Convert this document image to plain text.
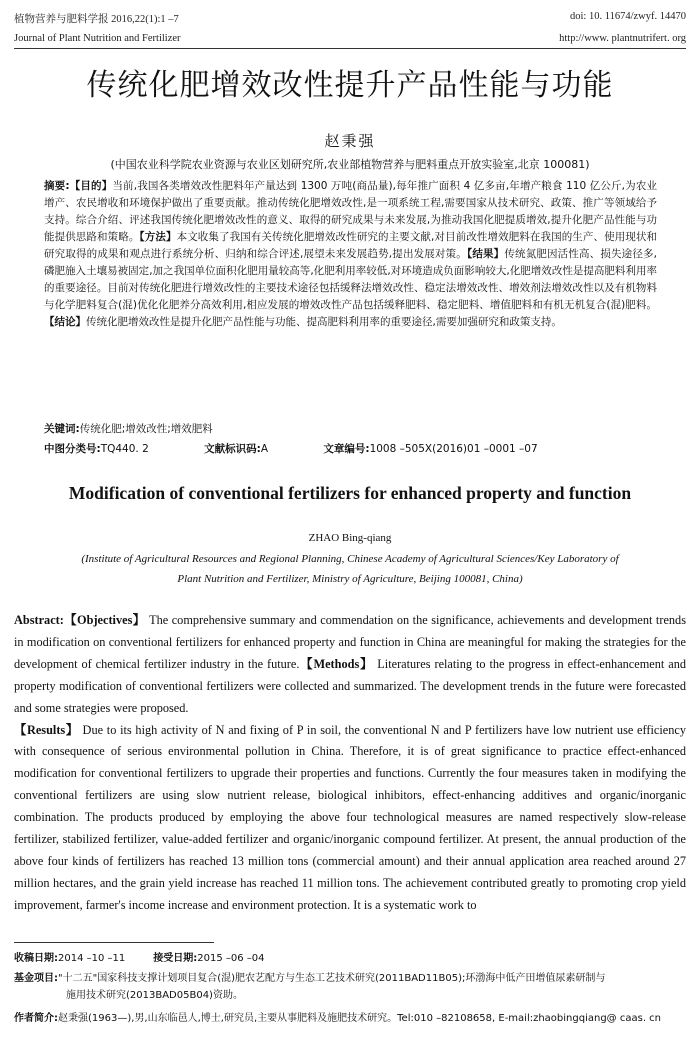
植物营养与肥料学报 2016,22(1):1 –7	doi: 10. 11674/zwyf. 14470
Journal of Plant Nutrition and Fertilizer	http://www. plantnutrifert. org
传统化肥增效改性提升产品性能与功能
赵秉强
(中国农业科学院农业资源与农业区划研究所,农业部植物营养与肥料重点开放实验室,北京 100081)
摘要:【目的】当前,我国各类增效改性肥料年产量达到 1300 万吨(商品量),每年推广面积 4 亿多亩,年增产粮食 110 亿公斤,为农业增产、农民增收和环境保护做出了重要贡献。推动传统化肥增效改性,是一项系统工程,需要国家从技术研究、政策、推广等领域给予支持。综合介绍、评述我国传统化肥增效改性的意义、取得的研究成果与未来发展,为推动我国化肥提质增效,提升化肥产品性能与功能提供思路和策略。【方法】本文收集了我国有关传统化肥增效改性研究的主要文献,对目前改性增效肥料在我国的生产、使用现状和研究取得的成果和观点进行系统分析、归纳和综合评述,展望未来发展趋势,提出发展对策。【结果】传统氮肥因活性高、损失途径多,磷肥施入土壤易被固定,加之我国单位面积化肥用量较高等,化肥利用率较低,对环境造成负面影响较大,化肥增效改性是提高肥料利用率的重要途径。目前对传统化肥进行增效改性的主要技术途径包括缓释法增效改性、稳定法增效改性、增效剂法增效改性以及有机物料与化学肥料复合(混)优化化肥养分高效利用,相应发展的增效改性产品包括缓释肥料、稳定肥料、增值肥料和有机无机复合(混)肥料。【结论】传统化肥增效改性是提升化肥产品性能与功能、提高肥料利用率的重要途径,需要加强研究和政策支持。
关键词:传统化肥;增效改性;增效肥料
中图分类号:TQ440. 2	文献标识码:A	文章编号:1008 –505X(2016)01 –0001 –07
Modification of conventional fertilizers for enhanced property and function
ZHAO Bing-qiang
(Institute of Agricultural Resources and Regional Planning, Chinese Academy of Agricultural Sciences/Key Laboratory of
Plant Nutrition and Fertilizer, Ministry of Agriculture, Beijing 100081, China)
Abstract:【Objectives】 The comprehensive summary and commendation on the significance, achievements and development trends in modification on conventional fertilizers for enhanced property and function in China are meaningful for making the strategies for the development of chemical fertilizer industry in the future.【Methods】 Literatures relating to the progress in effect-enhancement and property modification of conventional fertilizers were collected and summarized. The development trends in the future were forecasted and some strategies were proposed.
【Results】 Due to its high activity of N and fixing of P in soil, the conventional N and P fertilizers have low nutrient use efficiency with consequence of serious environmental pollution in China. Therefore, it is of great significance to practice effect-enhanced modification for conventional fertilizers to upgrade their properties and functions. Currently the four measures taken in modifying the conventional fertilizers are using slow nutrient release, biological inhibitors, effect-enhancing additives and organic/inorganic combination. The products produced by employing the above four technological measures are named respectively slow-release fertilizer, stabilized fertilizer, value-added fertilizer and organic/inorganic compound fertilizer. At present, the annual production of the above four kinds of fertilizers has reached 13 million tons (commercial amount) and their annual application area reached around 27 million hectares, and the grain yield increase has reached 11 million tons. The achievement contributed greatly to promoting crop yield improvement, farmer's income increase and environment protection. It is a systematic work to
收稿日期:2014 –10 –11	接受日期:2015 –06 –04
基金项目:"十二五"国家科技支撑计划项目复合(混)肥农艺配方与生态工艺技术研究(2011BAD11B05);环渤海中低产田增值尿素研制与
施用技术研究(2013BAD05B04)资助。
作者简介:赵秉强(1963—),男,山东临邑人,博士,研究员,主要从事肥料及施肥技术研究。Tel:010 –82108658, E-mail:zhaobingqiang@ caas. cn
